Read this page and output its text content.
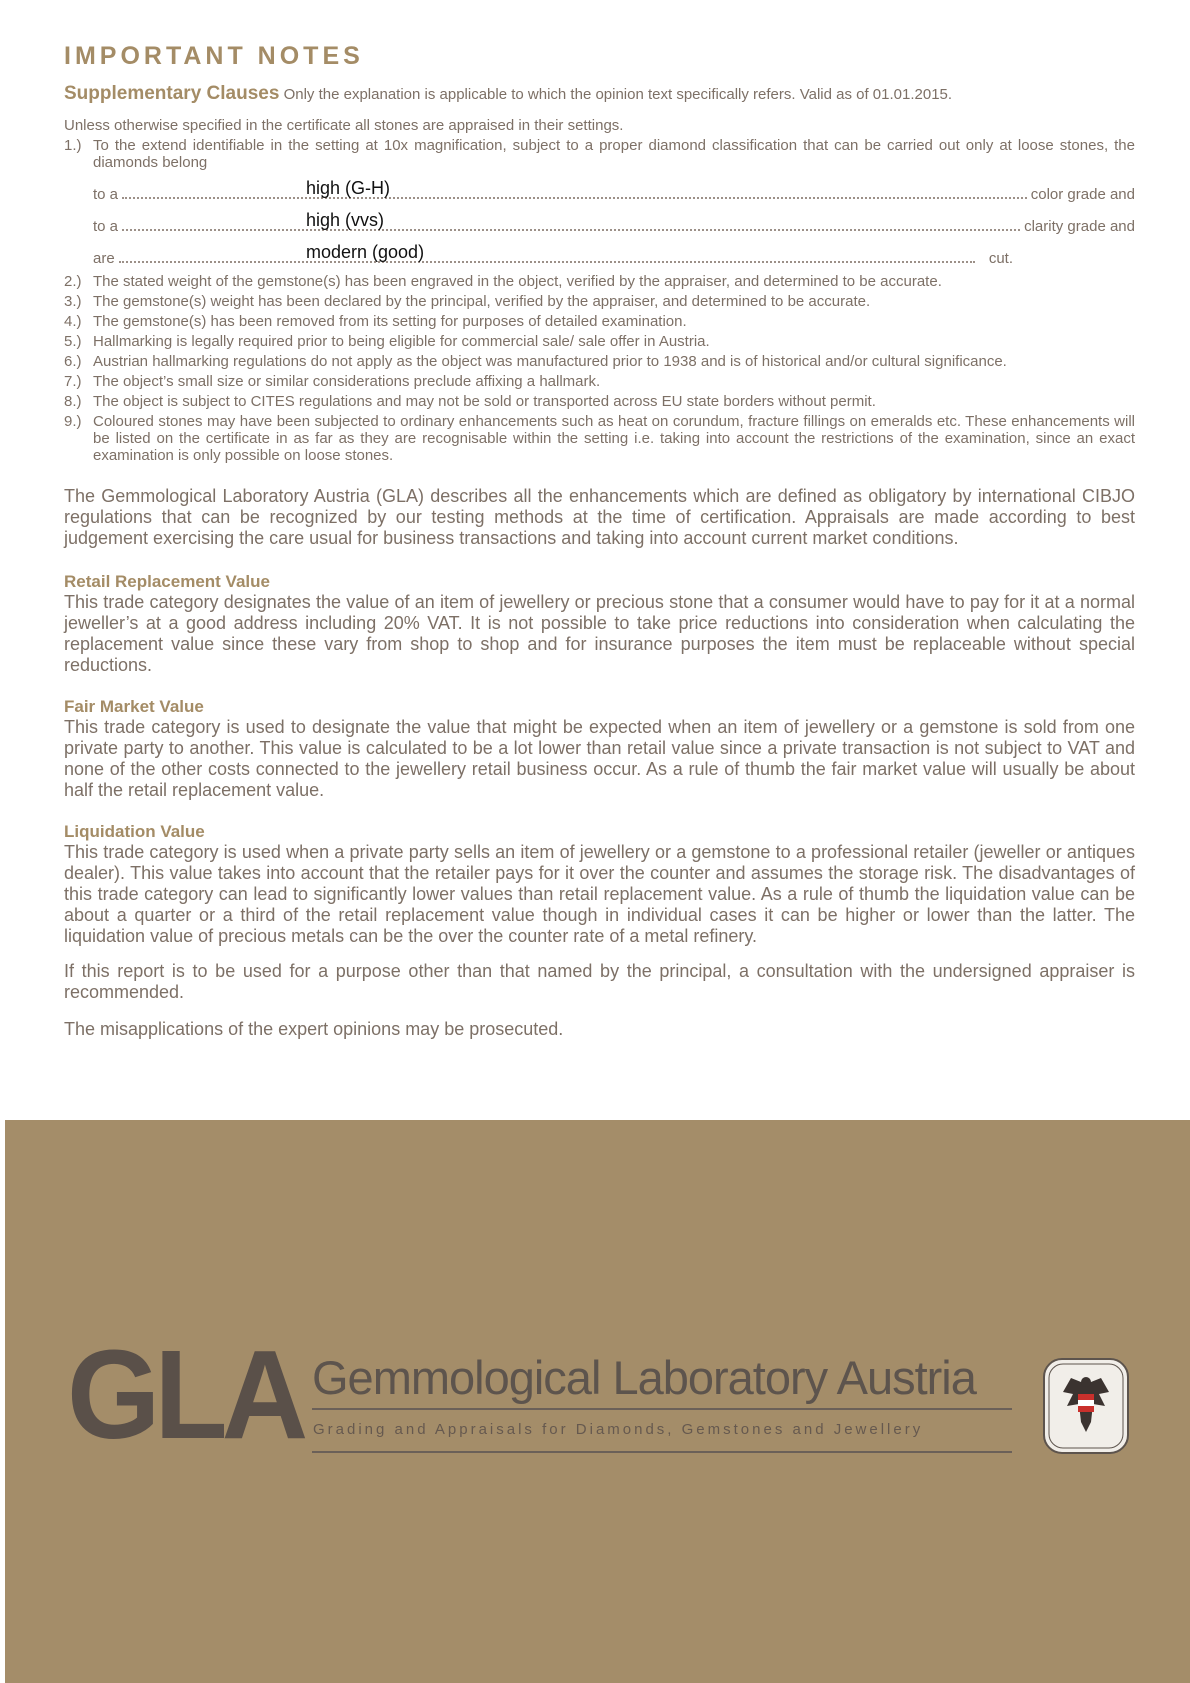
IMPORTANT NOTES
Supplementary Clauses Only the explanation is applicable to which the opinion text specifically refers. Valid as of 01.01.2015.
Unless otherwise specified in the certificate all stones are appraised in their settings.
1.) To the extend identifiable in the setting at 10x magnification, subject to a proper diamond classification that can be carried out only at loose stones, the diamonds belong
to a	color grade and
high (G-H)
to a	clarity grade and
high (vvs)
are	cut.
modern (good)
2.) The stated weight of the gemstone(s) has been engraved in the object, verified by the appraiser, and determined to be accurate.
3.) The gemstone(s) weight has been declared by the principal, verified by the appraiser, and determined to be accurate.
4.) The gemstone(s) has been removed from its setting for purposes of detailed examination.
5.) Hallmarking is legally required prior to being eligible for commercial sale/ sale offer in Austria.
6.) Austrian hallmarking regulations do not apply as the object was manufactured prior to 1938 and is of historical and/or cultural significance.
7.) The object’s small size or similar considerations preclude affixing a hallmark.
8.) The object is subject to CITES regulations and may not be sold or transported across EU state borders without permit.
9.) Coloured stones may have been subjected to ordinary enhancements such as heat on corundum, fracture fillings on emeralds etc. These enhancements will be listed on the certificate in as far as they are recognisable within the setting i.e. taking into account the restrictions of the examination, since an exact examination is only possible on loose stones.
The Gemmological Laboratory Austria (GLA) describes all the enhancements which are defined as obligatory by international CIBJO regulations that can be recognized by our testing methods at the time of certification. Appraisals are made according to best judgement exercising the care usual for business transactions and taking into account current market conditions.
Retail Replacement Value
This trade category designates the value of an item of jewellery or precious stone that a consumer would have to pay for it at a normal jeweller’s at a good address including 20% VAT. It is not possible to take price reductions into consideration when calculating the replacement value since these vary from shop to shop and for insurance purposes the item must be replaceable without special reductions.
Fair Market Value
This trade category is used to designate the value that might be expected when an item of jewellery or a gemstone is sold from one private party to another. This value is calculated to be a lot lower than retail value since a private transaction is not subject to VAT and none of the other costs connected to the jewellery retail business occur. As a rule of thumb the fair market value will usually be about half the retail replacement value.
Liquidation Value
This trade category is used when a private party sells an item of jewellery or a gemstone to a professional retailer (jeweller or antiques dealer). This value takes into account that the retailer pays for it over the counter and assumes the storage risk. The disadvantages of this trade category can lead to significantly lower values than retail replacement value. As a rule of thumb the liquidation value can be about a quarter or a third of the retail replacement value though in individual cases it can be higher or lower than the latter. The liquidation value of precious metals can be the over the counter rate of a metal refinery.
If this report is to be used for a purpose other than that named by the principal, a consultation with the undersigned appraiser is recommended.
The misapplications of the expert opinions may be prosecuted.
GLA Gemmological Laboratory Austria
Grading and Appraisals for Diamonds, Gemstones and Jewellery
